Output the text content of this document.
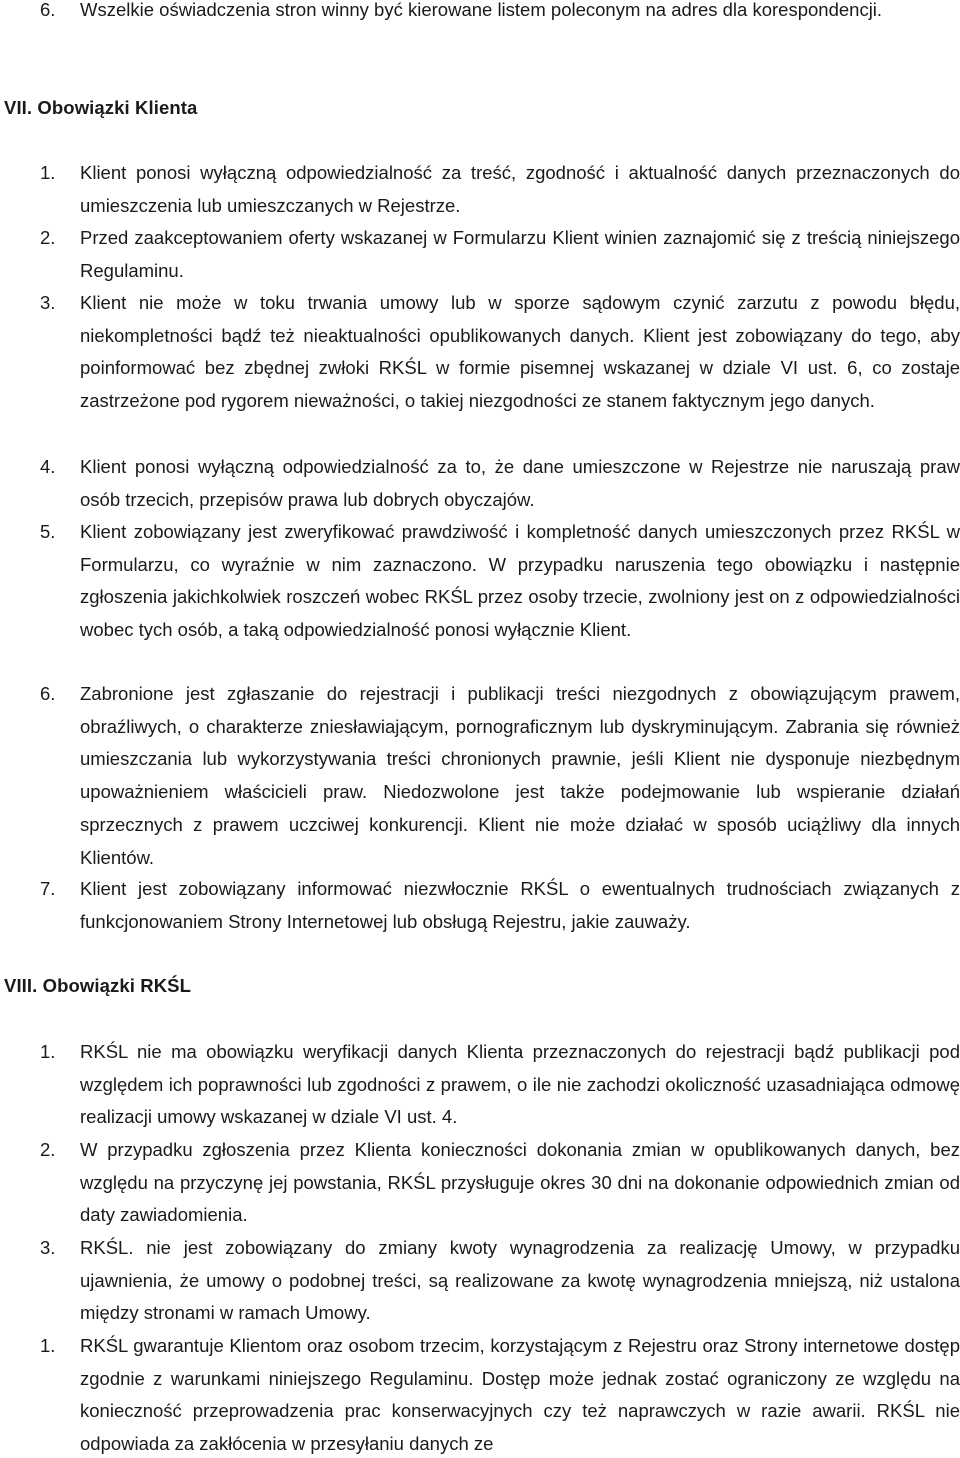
6.	Wszelkie oświadczenia stron winny być kierowane listem poleconym na adres dla korespondencji.
VII. Obowiązki Klienta
1.	Klient ponosi wyłączną odpowiedzialność za treść, zgodność i aktualność danych przeznaczonych do umieszczenia lub umieszczanych w Rejestrze.
2.	Przed zaakceptowaniem oferty wskazanej w Formularzu Klient winien zaznajomić się z treścią niniejszego Regulaminu.
3.	Klient nie może w toku trwania umowy lub w sporze sądowym czynić zarzutu z powodu błędu, niekompletności bądź też nieaktualności opublikowanych danych. Klient jest zobowiązany do tego, aby poinformować bez zbędnej zwłoki RKŚL w formie pisemnej wskazanej w dziale VI ust. 6, co zostaje zastrzeżone pod rygorem nieważności, o takiej niezgodności ze stanem faktycznym jego danych.
4.	Klient ponosi wyłączną odpowiedzialność za to, że dane umieszczone w Rejestrze nie naruszają praw osób trzecich, przepisów prawa lub dobrych obyczajów.
5.	Klient zobowiązany jest zweryfikować prawdziwość i kompletność danych umieszczonych przez RKŚL w Formularzu, co wyraźnie w nim zaznaczono. W przypadku naruszenia tego obowiązku i następnie zgłoszenia jakichkolwiek roszczeń wobec RKŚL przez osoby trzecie, zwolniony jest on z odpowiedzialności wobec tych osób, a taką odpowiedzialność ponosi wyłącznie Klient.
6.	Zabronione jest zgłaszanie do rejestracji i publikacji treści niezgodnych z obowiązującym prawem, obraźliwych, o charakterze zniesławiającym, pornograficznym lub dyskryminującym. Zabrania się również umieszczania lub wykorzystywania treści chronionych prawnie, jeśli Klient nie dysponuje niezbędnym upoważnieniem właścicieli praw. Niedozwolone jest także podejmowanie lub wspieranie działań sprzecznych z prawem uczciwej konkurencji. Klient nie może działać w sposób uciążliwy dla innych Klientów.
7.	Klient jest zobowiązany informować niezwłocznie RKŚL o ewentualnych trudnościach związanych z funkcjonowaniem Strony Internetowej lub obsługą Rejestru, jakie zauważy.
VIII. Obowiązki RKŚL
1.	RKŚL nie ma obowiązku weryfikacji danych Klienta przeznaczonych do rejestracji bądź publikacji pod względem ich poprawności lub zgodności z prawem, o ile nie zachodzi okoliczność uzasadniająca odmowę realizacji umowy wskazanej w dziale VI ust. 4.
2.	W przypadku zgłoszenia przez Klienta konieczności dokonania zmian w opublikowanych danych, bez względu na przyczynę jej powstania, RKŚL przysługuje okres 30 dni na dokonanie odpowiednich zmian od daty zawiadomienia.
3.	RKŚL. nie jest zobowiązany do zmiany kwoty wynagrodzenia za realizację Umowy, w przypadku ujawnienia, że umowy o podobnej treści, są realizowane za kwotę wynagrodzenia mniejszą, niż ustalona między stronami w ramach Umowy.
1.	RKŚL gwarantuje Klientom oraz osobom trzecim, korzystającym z Rejestru oraz Strony internetowe dostęp zgodnie z warunkami niniejszego Regulaminu. Dostęp może jednak zostać ograniczony ze względu na konieczność przeprowadzenia prac konserwacyjnych czy też naprawczych w razie awarii. RKŚL nie odpowiada za zakłócenia w przesyłaniu danych ze
